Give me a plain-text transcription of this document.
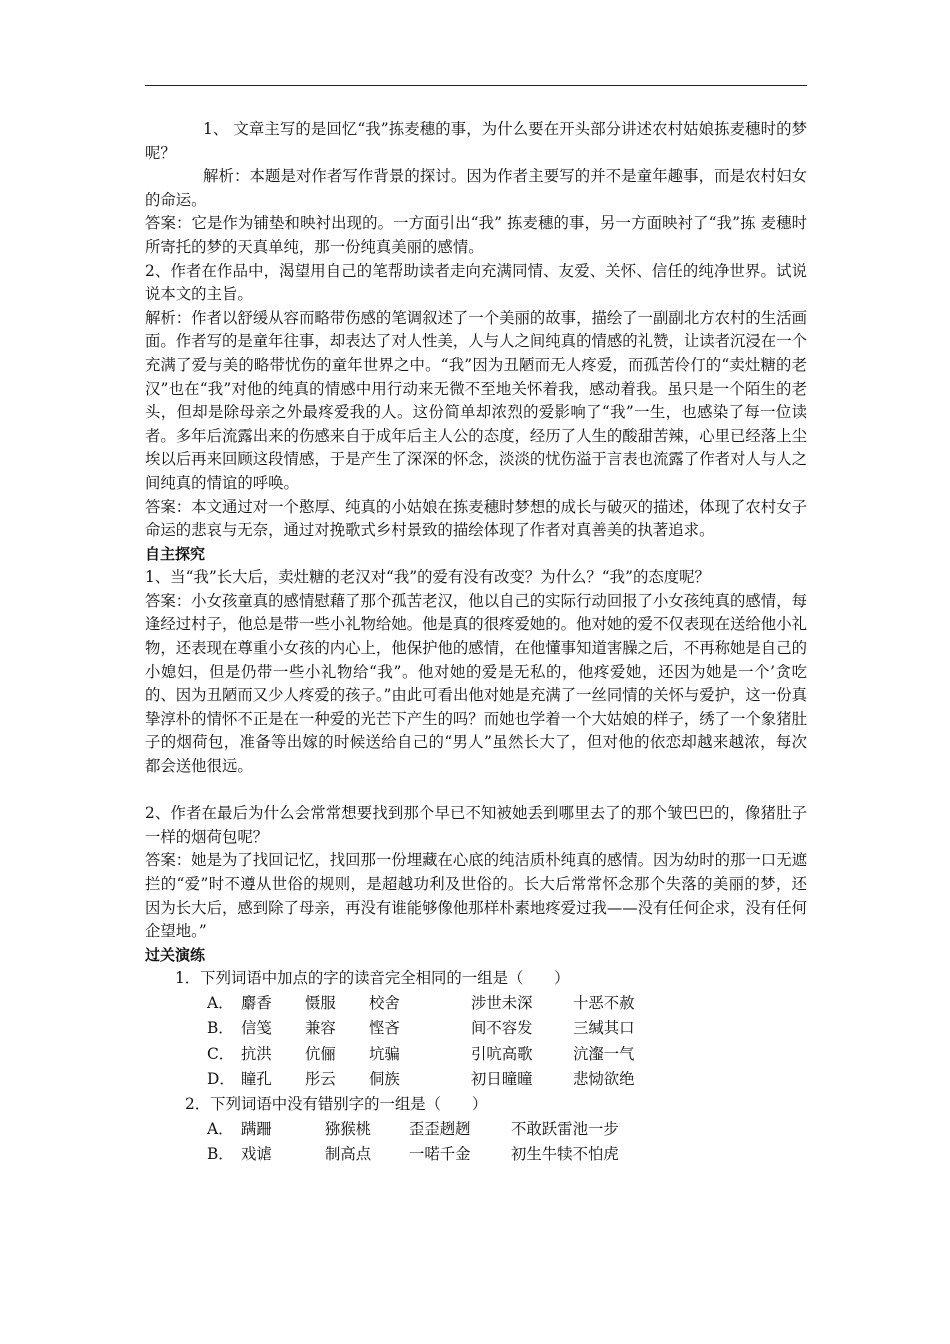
1、 文章主写的是回忆“我”拣麦穗的事，为什么要在开头部分讲述农村姑娘拣麦穗时的梦呢？

解析：本题是对作者写作背景的探讨。因为作者主要写的并不是童年趣事，而是农村妇女的命运。

答案：它是作为铺垫和映衬出现的。一方面引出“我” 拣麦穗的事，另一方面映衬了“我”拣 麦穗时所寄托的梦的天真单纯，那一份纯真美丽的感情。

2、作者在作品中，渴望用自己的笔帮助读者走向充满同情、友爱、关怀、信任的纯净世界。试说说本文的主旨。

解析：作者以舒缓从容而略带伤感的笔调叙述了一个美丽的故事，描绘了一副副北方农村的生活画面。作者写的是童年往事，却表达了对人性美，人与人之间纯真的情感的礼赞，让读者沉浸在一个充满了爱与美的略带忧伤的童年世界之中。“我”因为丑陋而无人疼爱，而孤苦伶仃的“卖灶糖的老汉”也在“我”对他的纯真的情感中用行动来无微不至地关怀着我，感动着我。虽只是一个陌生的老头，但却是除母亲之外最疼爱我的人。这份简单却浓烈的爱影响了“我”一生，也感染了每一位读者。多年后流露出来的伤感来自于成年后主人公的态度，经历了人生的酸甜苦辣，心里已经落上尘埃以后再来回顾这段情感，于是产生了深深的怀念，淡淡的忧伤溢于言表也流露了作者对人与人之间纯真的情谊的呼唤。

答案：本文通过对一个憨厚、纯真的小姑娘在拣麦穗时梦想的成长与破灭的描述，体现了农村女子命运的悲哀与无奈，通过对挽歌式乡村景致的描绘体现了作者对真善美的执著追求。

自主探究

1、当“我”长大后，卖灶糖的老汉对“我”的爱有没有改变？为什么？“我”的态度呢？

答案：小女孩童真的感情慰藉了那个孤苦老汉，他以自己的实际行动回报了小女孩纯真的感情，每逢经过村子，他总是带一些小礼物给她。他是真的很疼爱她的。他对她的爱不仅表现在送给他小礼物，还表现在尊重小女孩的内心上，他保护他的感情，在他懂事知道害臊之后，不再称她是自己的小媳妇，但是仍带一些小礼物给“我”。他对她的爱是无私的，他疼爱她，还因为她是一个’贪吃的、因为丑陋而又少人疼爱的孩子。”由此可看出他对她是充满了一丝同情的关怀与爱护，这一份真挚淳朴的情怀不正是在一种爱的光芒下产生的吗？而她也学着一个大姑娘的样子，绣了一个象猪肚子的烟荷包，准备等出嫁的时候送给自己的“男人”虽然长大了，但对他的依恋却越来越浓，每次都会送他很远。

2、作者在最后为什么会常常想要找到那个早已不知被她丢到哪里去了的那个皱巴巴的，像猪肚子一样的烟荷包呢？

答案：她是为了找回记忆，找回那一份埋藏在心底的纯洁质朴纯真的感情。因为幼时的那一口无遮拦的“爱”时不遵从世俗的规则，是超越功利及世俗的。长大后常常怀念那个失落的美丽的梦，还因为长大后，感到除了母亲，再没有谁能够像他那样朴素地疼爱过我——没有任何企求，没有任何企望地。”

过关演练

1．下列词语中加点的字的读音完全相同的一组是（　　）

A． 麝香 慑服 校舍	涉世未深	十恶不赦
B． 信笺 兼容 悭吝	间不容发	三缄其口
C． 抗洪 伉俪 坑骗	引吭高歌	沆瀣一气
D． 瞳孔 彤云 侗族	初日曈曈	悲恸欲绝

2．下列词语中没有错别字的一组是（　　）

A． 蹒跚	猕猴桃 歪歪趔趔	不敢跃雷池一步
B． 戏谑	制高点 一喏千金	初生牛犊不怕虎
